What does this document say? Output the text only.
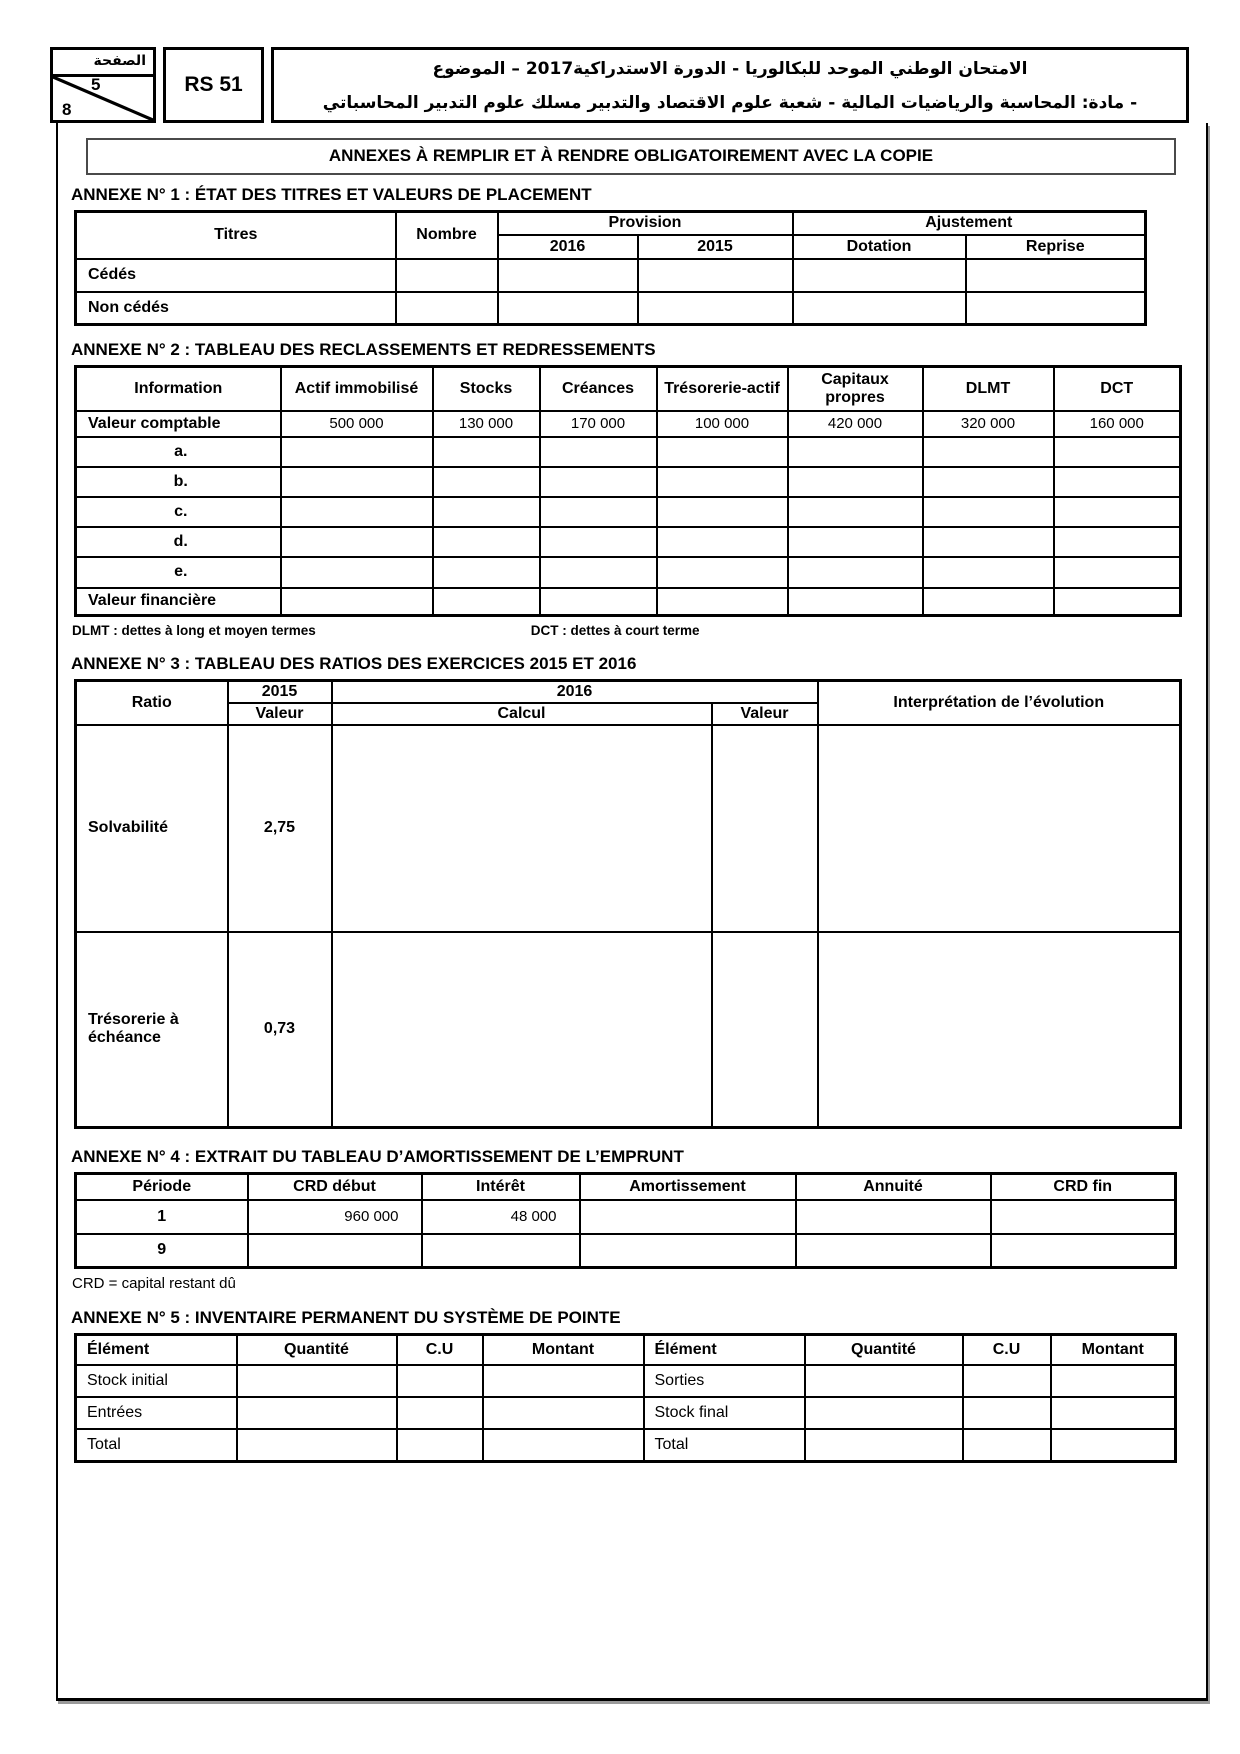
الصفحة
5
8
RS 51
الامتحان الوطني الموحد للبكالوريا - الدورة الاستدراكية2017 – الموضوع
- مادة: المحاسبة والرياضيات المالية - شعبة علوم الاقتصاد والتدبير مسلك علوم التدبير المحاسباتي
ANNEXES À REMPLIR ET À RENDRE OBLIGATOIREMENT AVEC LA COPIE
ANNEXE N° 1 : ÉTAT DES TITRES ET VALEURS DE PLACEMENT
Titres	Nombre	Provision		Ajustement	
		2016	2015	Dotation	Reprise
Cédés					
Non cédés					
ANNEXE N° 2 : TABLEAU DES RECLASSEMENTS ET REDRESSEMENTS
Information	Actif immobilisé	Stocks	Créances	Trésorerie-actif	Capitaux propres	DLMT	DCT
Valeur comptable	500 000	130 000	170 000	100 000	420 000	320 000	160 000
a.							
b.							
c.							
d.							
e.							
Valeur financière							
DLMT : dettes à long et moyen termes	DCT : dettes à court terme
ANNEXE N° 3 : TABLEAU DES RATIOS DES EXERCICES 2015 ET 2016
Ratio	2015	2016		Interprétation de l’évolution
	Valeur	Calcul	Valeur	
Solvabilité	2,75			
Trésorerie à échéance	0,73			
ANNEXE N° 4 : EXTRAIT DU TABLEAU D’AMORTISSEMENT DE L’EMPRUNT
Période	CRD début	Intérêt	Amortissement	Annuité	CRD fin
1	960 000	48 000			
9					
CRD = capital restant dû
ANNEXE N° 5 : INVENTAIRE PERMANENT DU SYSTÈME DE POINTE
Élément	Quantité	C.U	Montant	Élément	Quantité	C.U	Montant
Stock initial				Sorties			
Entrées				Stock final			
Total				Total			
